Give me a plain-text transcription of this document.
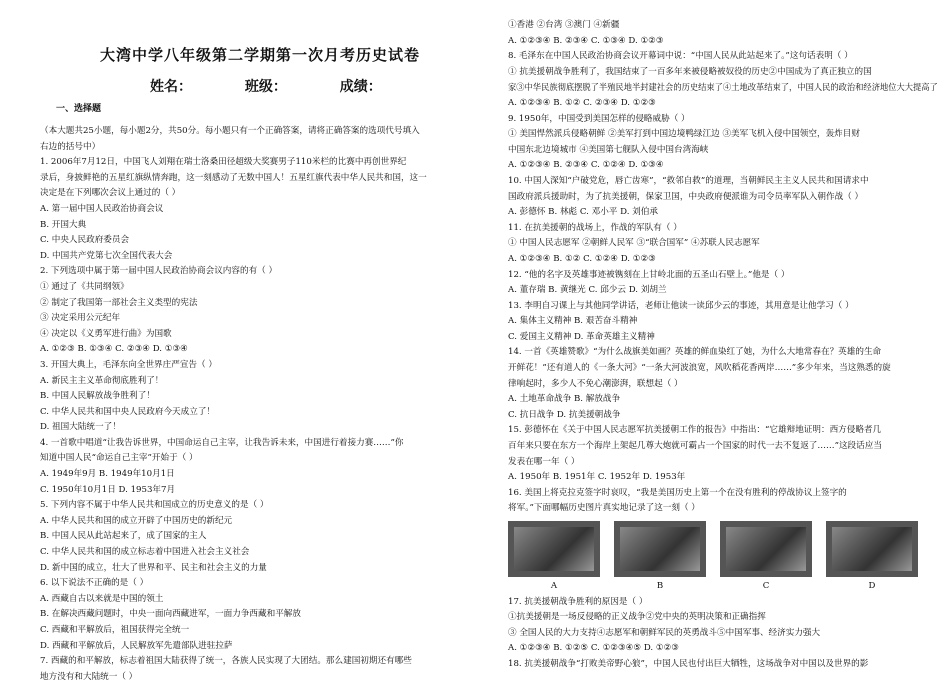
大湾中学八年级第二学期第一次月考历史试卷
姓名：	班级：	成绩：
一、选择题
（本大题共25小题，每小题2分，共50分。每小题只有一个正确答案，请将正确答案的选项代号填入
右边的括号中）
1. 2006年7月12日，中国飞人刘翔在瑞士洛桑田径超级大奖赛男子110米栏的比赛中再创世界纪
录后，身披鲜艳的五星红旗纵情奔跑，这一刻感动了无数中国人！五星红旗代表中华人民共和国，这一
决定是在下列哪次会议上通过的（ ）
A. 第一届中国人民政治协商会议
B. 开国大典
C. 中央人民政府委员会
D. 中国共产党第七次全国代表大会
2. 下列选项中属于第一届中国人民政治协商会议内容的有（ ）
① 通过了《共同纲领》
② 制定了我国第一部社会主义类型的宪法
③ 决定采用公元纪年
④ 决定以《义勇军进行曲》为国歌
A. ①②③ B. ①③④ C. ②③④ D. ①③④
3. 开国大典上，毛泽东向全世界庄严宣告（ ）
A. 新民主主义革命彻底胜利了！
B. 中国人民解放战争胜利了！
C. 中华人民共和国中央人民政府今天成立了！
D. 祖国大陆统一了！
4. 一首歌中唱道“让我告诉世界，中国命运自己主宰，让我告诉未来，中国进行着接力赛……”你
知道中国人民“命运自己主宰”开始于（ ）
A. 1949年9月 B. 1949年10月1日
C. 1950年10月1日 D. 1953年7月
5. 下列内容不属于中华人民共和国成立的历史意义的是（ ）
A. 中华人民共和国的成立开辟了中国历史的新纪元
B. 中国人民从此站起来了，成了国家的主人
C. 中华人民共和国的成立标志着中国进入社会主义社会
D. 新中国的成立，壮大了世界和平、民主和社会主义的力量
6. 以下说法不正确的是（ ）
A. 西藏自古以来就是中国的领土
B. 在解决西藏问题时，中央一面向西藏进军，一面力争西藏和平解放
C. 西藏和平解放后，祖国获得完全统一
D. 西藏和平解放后，人民解放军先遣部队进驻拉萨
7. 西藏的和平解放，标志着祖国大陆获得了统一，各族人民实现了大团结。那么建国初期还有哪些
地方没有和大陆统一（ ）
①香港 ②台湾 ③澳门 ④新疆
A. ①②③④ B. ②③④ C. ①③④ D. ①②③
8. 毛泽东在中国人民政治协商会议开幕词中说：“中国人民从此站起来了。”这句话表明（ ）
① 抗美援朝战争胜利了，我国结束了一百多年来被侵略被奴役的历史②中国成为了真正独立的国
家③中华民族彻底摆脱了半殖民地半封建社会的历史结束了④土地改革结束了，中国人民的政治和经济地位大大提高了
A. ①②③④ B. ①② C. ②③④ D. ①②③
9. 1950年，中国受到美国怎样的侵略威胁（ ）
① 美国悍然派兵侵略朝鲜 ②美军打到中国边境鸭绿江边 ③美军飞机入侵中国领空，轰炸目财
中国东北边境城市 ④美国第七舰队入侵中国台湾海峡
A. ①②③④ B. ②③④ C. ①②④ D. ①③④
10. 中国人深知“户破党危，唇亡齿寒”，“救邻自救”的道理，当朝鲜民主主义人民共和国请求中
国政府派兵援助时，为了抗美援朝，保家卫国，中央政府便派谁为司令员率军队入朝作战（ ）
A. 彭德怀 B. 林彪 C. 邓小平 D. 刘伯承
11. 在抗美援朝的战场上，作战的军队有（ ）
① 中国人民志愿军 ②朝鲜人民军 ③“联合国军” ④苏联人民志愿军
A. ①②③④ B. ①② C. ①②④ D. ①②③
12. “他的名字及英雄事迹被镌刻在上甘岭北面的五圣山石壁上。”他是（ ）
A. 董存瑞 B. 黄继光 C. 邱少云 D. 刘胡兰
13. 李明自习课上与其他同学讲话，老师让他读一读邱少云的事迹，其用意是让他学习（ ）
A. 集体主义精神 B. 艰苦奋斗精神
C. 爱国主义精神 D. 革命英雄主义精神
14. 一首《英雄赞歌》“为什么战旗美如画？英雄的鲜血染红了她，为什么大地常春在？英雄的生命
开鲜花！”还有道人的《一条大河》“一条大河波浪宽，风吹稻花香两岸……”多少年来，当这熟悉的旋
律响起时，多少人不免心潮澎湃，联想起（ ）
A. 土地革命战争 B. 解放战争
C. 抗日战争 D. 抗美援朝战争
15. 彭德怀在《关于中国人民志愿军抗美援朝工作的报告》中指出：“它雄辩地证明：西方侵略者几
百年来只要在东方一个海岸上架起几尊大炮就可霸占一个国家的时代一去不复返了……”这段话应当
发表在哪一年（ ）
A. 1950年 B. 1951年 C. 1952年 D. 1953年
16. 美国上将克拉克签字时哀叹，“我是美国历史上第一个在没有胜利的停战协议上签字的
将军。”下面哪幅历史图片真实地记录了这一刻（ ）
A	B	C	D
17. 抗美援朝战争胜利的原因是（ ）
①抗美援朝是一场反侵略的正义战争②党中央的英明决策和正确指挥
③ 全国人民的大力支持④志愿军和朝鲜军民的英勇战斗⑤中国军事、经济实力强大
A. ①②③④ B. ①②⑤ C. ①②③④⑤ D. ①②③
18. 抗美援朝战争“打败美帝野心狼”，中国人民也付出巨大牺牲，这场战争对中国以及世界的影
